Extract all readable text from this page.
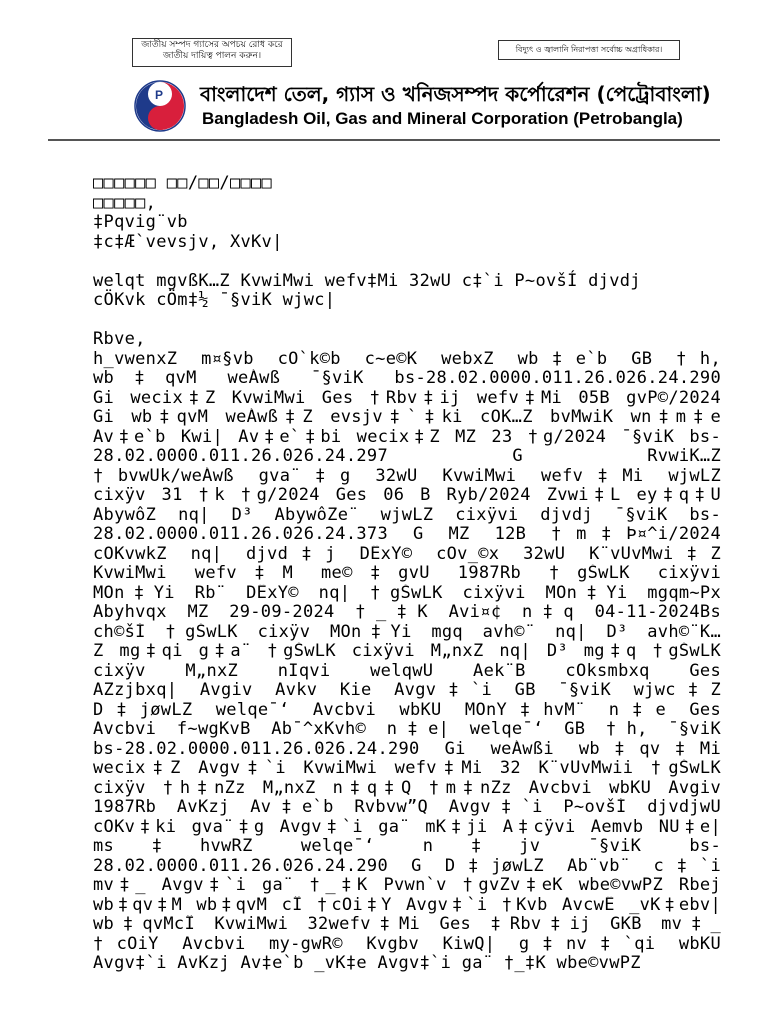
জাতীয় সম্পদ গ্যাসের অপচয় রোধ করে
জাতীয় দায়িত্ব পালন করুন।
বিদ্যুৎ ও জ্বালানি নিরাপত্তা সর্বোচ্চ অগ্রাধিকার।
P বাংলাদেশ তেল, গ্যাস ও খনিজসম্পদ কর্পোরেশন (পেট্রোবাংলা)
Bangladesh Oil, Gas and Mineral Corporation (Petrobangla)
□□□□□□ □□/□□/□□□□
□□□□□,
‡Pqvig¨vb
‡c‡Æ`vevsjv, XvKv|
welqt mgvßK…Z KvwiMwi wefv‡Mi 32wU c‡`i P~ovšÍ djvdj
cÖKvk cÖm‡½ ¯§viK wjwc|
Rbve,
h_vwenxZ m¤§vb cÖ`k©b c~e©K webxZ wb‡e`b GB †h,
wb‡qvM weÁwß ¯§viK bs-28.02.0000.011.26.026.24.290
Gi wecix‡Z KvwiMwi Ges †Rbv‡ij wefv‡Mi 05B gvP©/2024
Gi wb‡qvM weÁwß‡Z evsjv‡`‡ki cÖK…Z bvMwiK wn‡m‡e
Av‡e`b Kwi| Av‡e`‡bi wecix‡Z MZ 23 †g/2024 ¯§viK bs-
28.02.0000.011.26.026.24.297 G RvwiK…Z
†bvwUk/weÁwß gva¨‡g 32wU KvwiMwi wefv‡Mi wjwLZ
cixÿv 31 †k †g/2024 Ges 06 B Ryb/2024 Zvwi‡L ey‡q‡U
AbywôZ nq| D³ AbywôZe¨ wjwLZ cixÿvi djvdj ¯§viK bs-
28.02.0000.011.26.026.24.373 G MZ 12B †m‡Þ¤^i/2024
cÖKvwkZ nq| djvd‡j DËxY© cÖv_©x 32wU K¨vUvMwi‡Z
KvwiMwi wefv‡M me©‡gvU 1987Rb †gŠwLK cixÿvi
MÖn‡Yi Rb¨ DËxY© nq| †gŠwLK cixÿvi MÖn‡Yi mgqm~Px
Abyhvqx MZ 29-09-2024 †_‡K Avi¤¢ n‡q 04-11-2024Bs
ch©šÍ †gŠwLK cixÿv MÖn‡Yi mgq avh©¨ nq| D³ avh©¨K…
Z mg‡qi g‡a¨ †gŠwLK cixÿvi M„nxZ nq| D³ mg‡q †gŠwLK
cixÿv M„nxZ nIqvi welqwU Aek¨B cÖksmbxq Ges
AZzjbxq| Avgiv Avkv Kie Avgv‡`i GB ¯§viK wjwc‡Z
D‡jøwLZ welqe¯‘ Avcbvi wbKU MÖnY‡hvM¨ n‡e Ges
Avcbvi f~wgKvB Ab¯^xKvh© n‡e| welqe¯‘ GB †h, ¯§viK
bs-28.02.0000.011.26.026.24.290 Gi weÁwßi wb‡qv‡Mi
wecix‡Z Avgv‡`i KvwiMwi wefv‡Mi 32 K¨vUvMwii †gŠwLK
cixÿv †h‡nZz M„nxZ n‡q‡Q †m‡nZz Avcbvi wbKU Avgiv
1987Rb AvKzj Av‡e`b Rvbvw”Q Avgv‡`i P~ovšÍ djvdjwU
cÖKv‡ki gva¨‡g Avgv‡`i ga¨ mK‡ji A‡cÿvi Aemvb NU‡e|
ms‡hvwRZ welqe¯‘ n‡jv ¯§viK bs-
28.02.0000.011.26.026.24.290 G D‡jøwLZ Ab¨vb¨ c‡`i
mv‡_ Avgv‡`i ga¨ †_‡K Pvwn`v †gvZv‡eK wbe©vwPZ Rbej
wb‡qv‡M wb‡qvM cÎ †cÖi‡Y Avgv‡`i †Kvb AvcwË _vK‡ebv|
wb‡qvMcÎ KvwiMwi 32wefv‡Mi Ges ‡Rbv‡ij GKB mv‡_
†cÖiY Avcbvi my-gwR© Kvgbv KiwQ| g‡nv‡`qi wbKU
Avgv‡`i AvKzj Av‡e`b _vK‡e Avgv‡`i ga¨ †_‡K wbe©vwPZ
